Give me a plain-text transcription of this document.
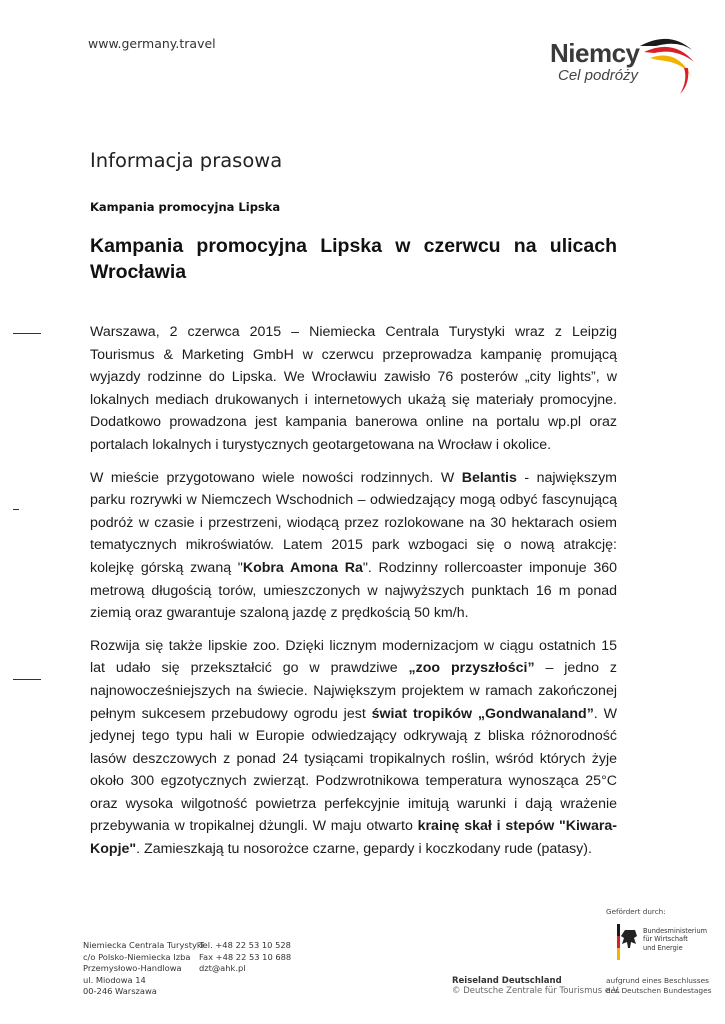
www.germany.travel	Niemcy
Cel podróży
Informacja prasowa
Kampania promocyjna Lipska
Kampania promocyjna Lipska w czerwcu na ulicach Wrocławia

Warszawa, 2 czerwca 2015 – Niemiecka Centrala Turystyki wraz z Leipzig Tourismus & Marketing GmbH w czerwcu przeprowadza kampanię promującą wyjazdy rodzinne do Lipska. We Wrocławiu zawisło 76 posterów „city lights”, w lokalnych mediach drukowanych i internetowych ukażą się materiały promocyjne. Dodatkowo prowadzona jest kampania banerowa online na portalu wp.pl oraz portalach lokalnych i turystycznych geotargetowana na Wrocław i okolice.

W mieście przygotowano wiele nowości rodzinnych. W Belantis - największym parku rozrywki w Niemczech Wschodnich – odwiedzający mogą odbyć fascynującą podróż w czasie i przestrzeni, wiodącą przez rozlokowane na 30 hektarach osiem tematycznych mikroświatów. Latem 2015 park wzbogaci się o nową atrakcję: kolejkę górską zwaną "Kobra Amona Ra". Rodzinny rollercoaster imponuje 360 metrową długością torów, umieszczonych w najwyższych punktach 16 m ponad ziemią oraz gwarantuje szaloną jazdę z prędkością 50 km/h.

Rozwija się także lipskie zoo. Dzięki licznym modernizacjom w ciągu ostatnich 15 lat udało się przekształcić go w prawdziwe „zoo przyszłości” – jedno z najnowocześniejszych na świecie. Największym projektem w ramach zakończonej pełnym sukcesem przebudowy ogrodu jest świat tropików „Gondwanaland”. W jedynej tego typu hali w Europie odwiedzający odkrywają z bliska różnorodność lasów deszczowych z ponad 24 tysiącami tropikalnych roślin, wśród których żyje około 300 egzotycznych zwierząt. Podzwrotnikowa temperatura wynosząca 25°C oraz wysoka wilgotność powietrza perfekcyjnie imitują warunki i dają wrażenie przebywania w tropikalnej dżungli. W maju otwarto krainę skał i stepów "Kiwara-Kopje". Zamieszkają tu nosorożce czarne, gepardy i koczkodany rude (patasy).

Niemiecka Centrala Turystyki
c/o Polsko-Niemiecka Izba
Przemysłowo-Handlowa
ul. Miodowa 14
00-246 Warszawa
Tel. +48 22 53 10 528
Fax +48 22 53 10 688
dzt@ahk.pl
Reiseland Deutschland
© Deutsche Zentrale für Tourismus e.V.
Gefördert durch:
Bundesministerium
für Wirtschaft
und Energie
aufgrund eines Beschlusses
des Deutschen Bundestages
